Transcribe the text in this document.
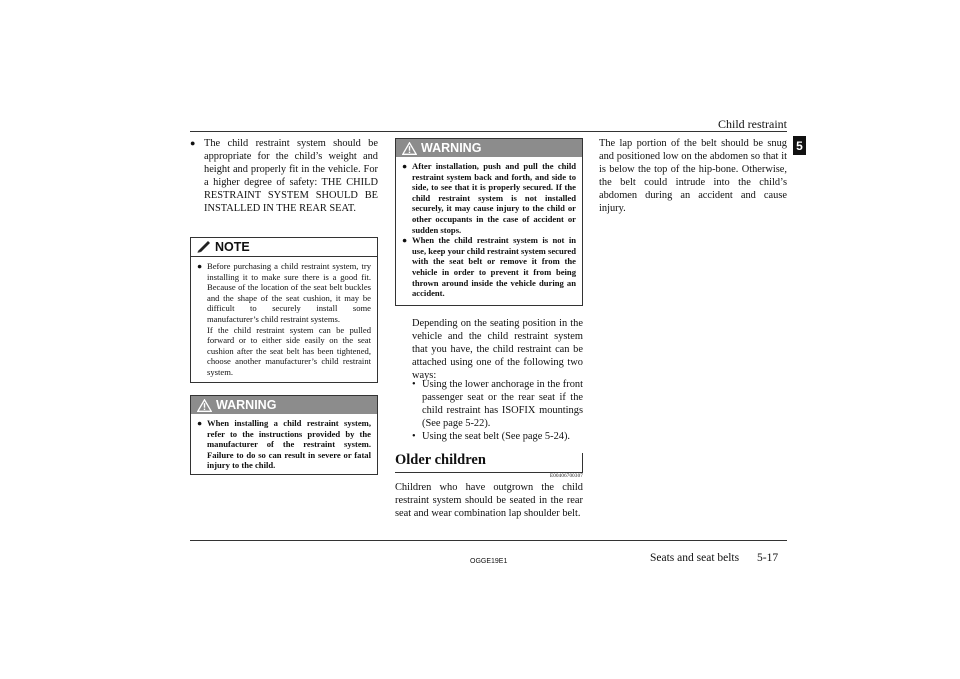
Child restraint
5
● The child restraint system should be appropriate for the child’s weight and height and properly fit in the vehicle. For a higher degree of safety: THE CHILD RESTRAINT SYSTEM SHOULD BE INSTALLED IN THE REAR SEAT.
NOTE
● Before purchasing a child restraint system, try installing it to make sure there is a good fit. Because of the location of the seat belt buckles and the shape of the seat cushion, it may be difficult to securely install some manufacturer’s child restraint systems.
If the child restraint system can be pulled forward or to either side easily on the seat cushion after the seat belt has been tightened, choose another manufacturer’s child restraint system.
WARNING
● When installing a child restraint system, refer to the instructions provided by the manufacturer of the restraint system. Failure to do so can result in severe or fatal injury to the child.
WARNING
● After installation, push and pull the child restraint system back and forth, and side to side, to see that it is properly secured. If the child restraint system is not installed securely, it may cause injury to the child or other occupants in the case of accident or sudden stops.
● When the child restraint system is not in use, keep your child restraint system secured with the seat belt or remove it from the vehicle in order to prevent it from being thrown around inside the vehicle during an accident.
Depending on the seating position in the vehicle and the child restraint system that you have, the child restraint can be attached using one of the following two ways:
• Using the lower anchorage in the front passenger seat or the rear seat if the child restraint has ISOFIX mountings (See page 5-22).
• Using the seat belt (See page 5-24).
Older children
E00406700307
Children who have outgrown the child restraint system should be seated in the rear seat and wear combination lap shoulder belt.
The lap portion of the belt should be snug and positioned low on the abdomen so that it is below the top of the hip-bone. Otherwise, the belt could intrude into the child’s abdomen during an accident and cause injury.
OGGE19E1	Seats and seat belts 5-17
